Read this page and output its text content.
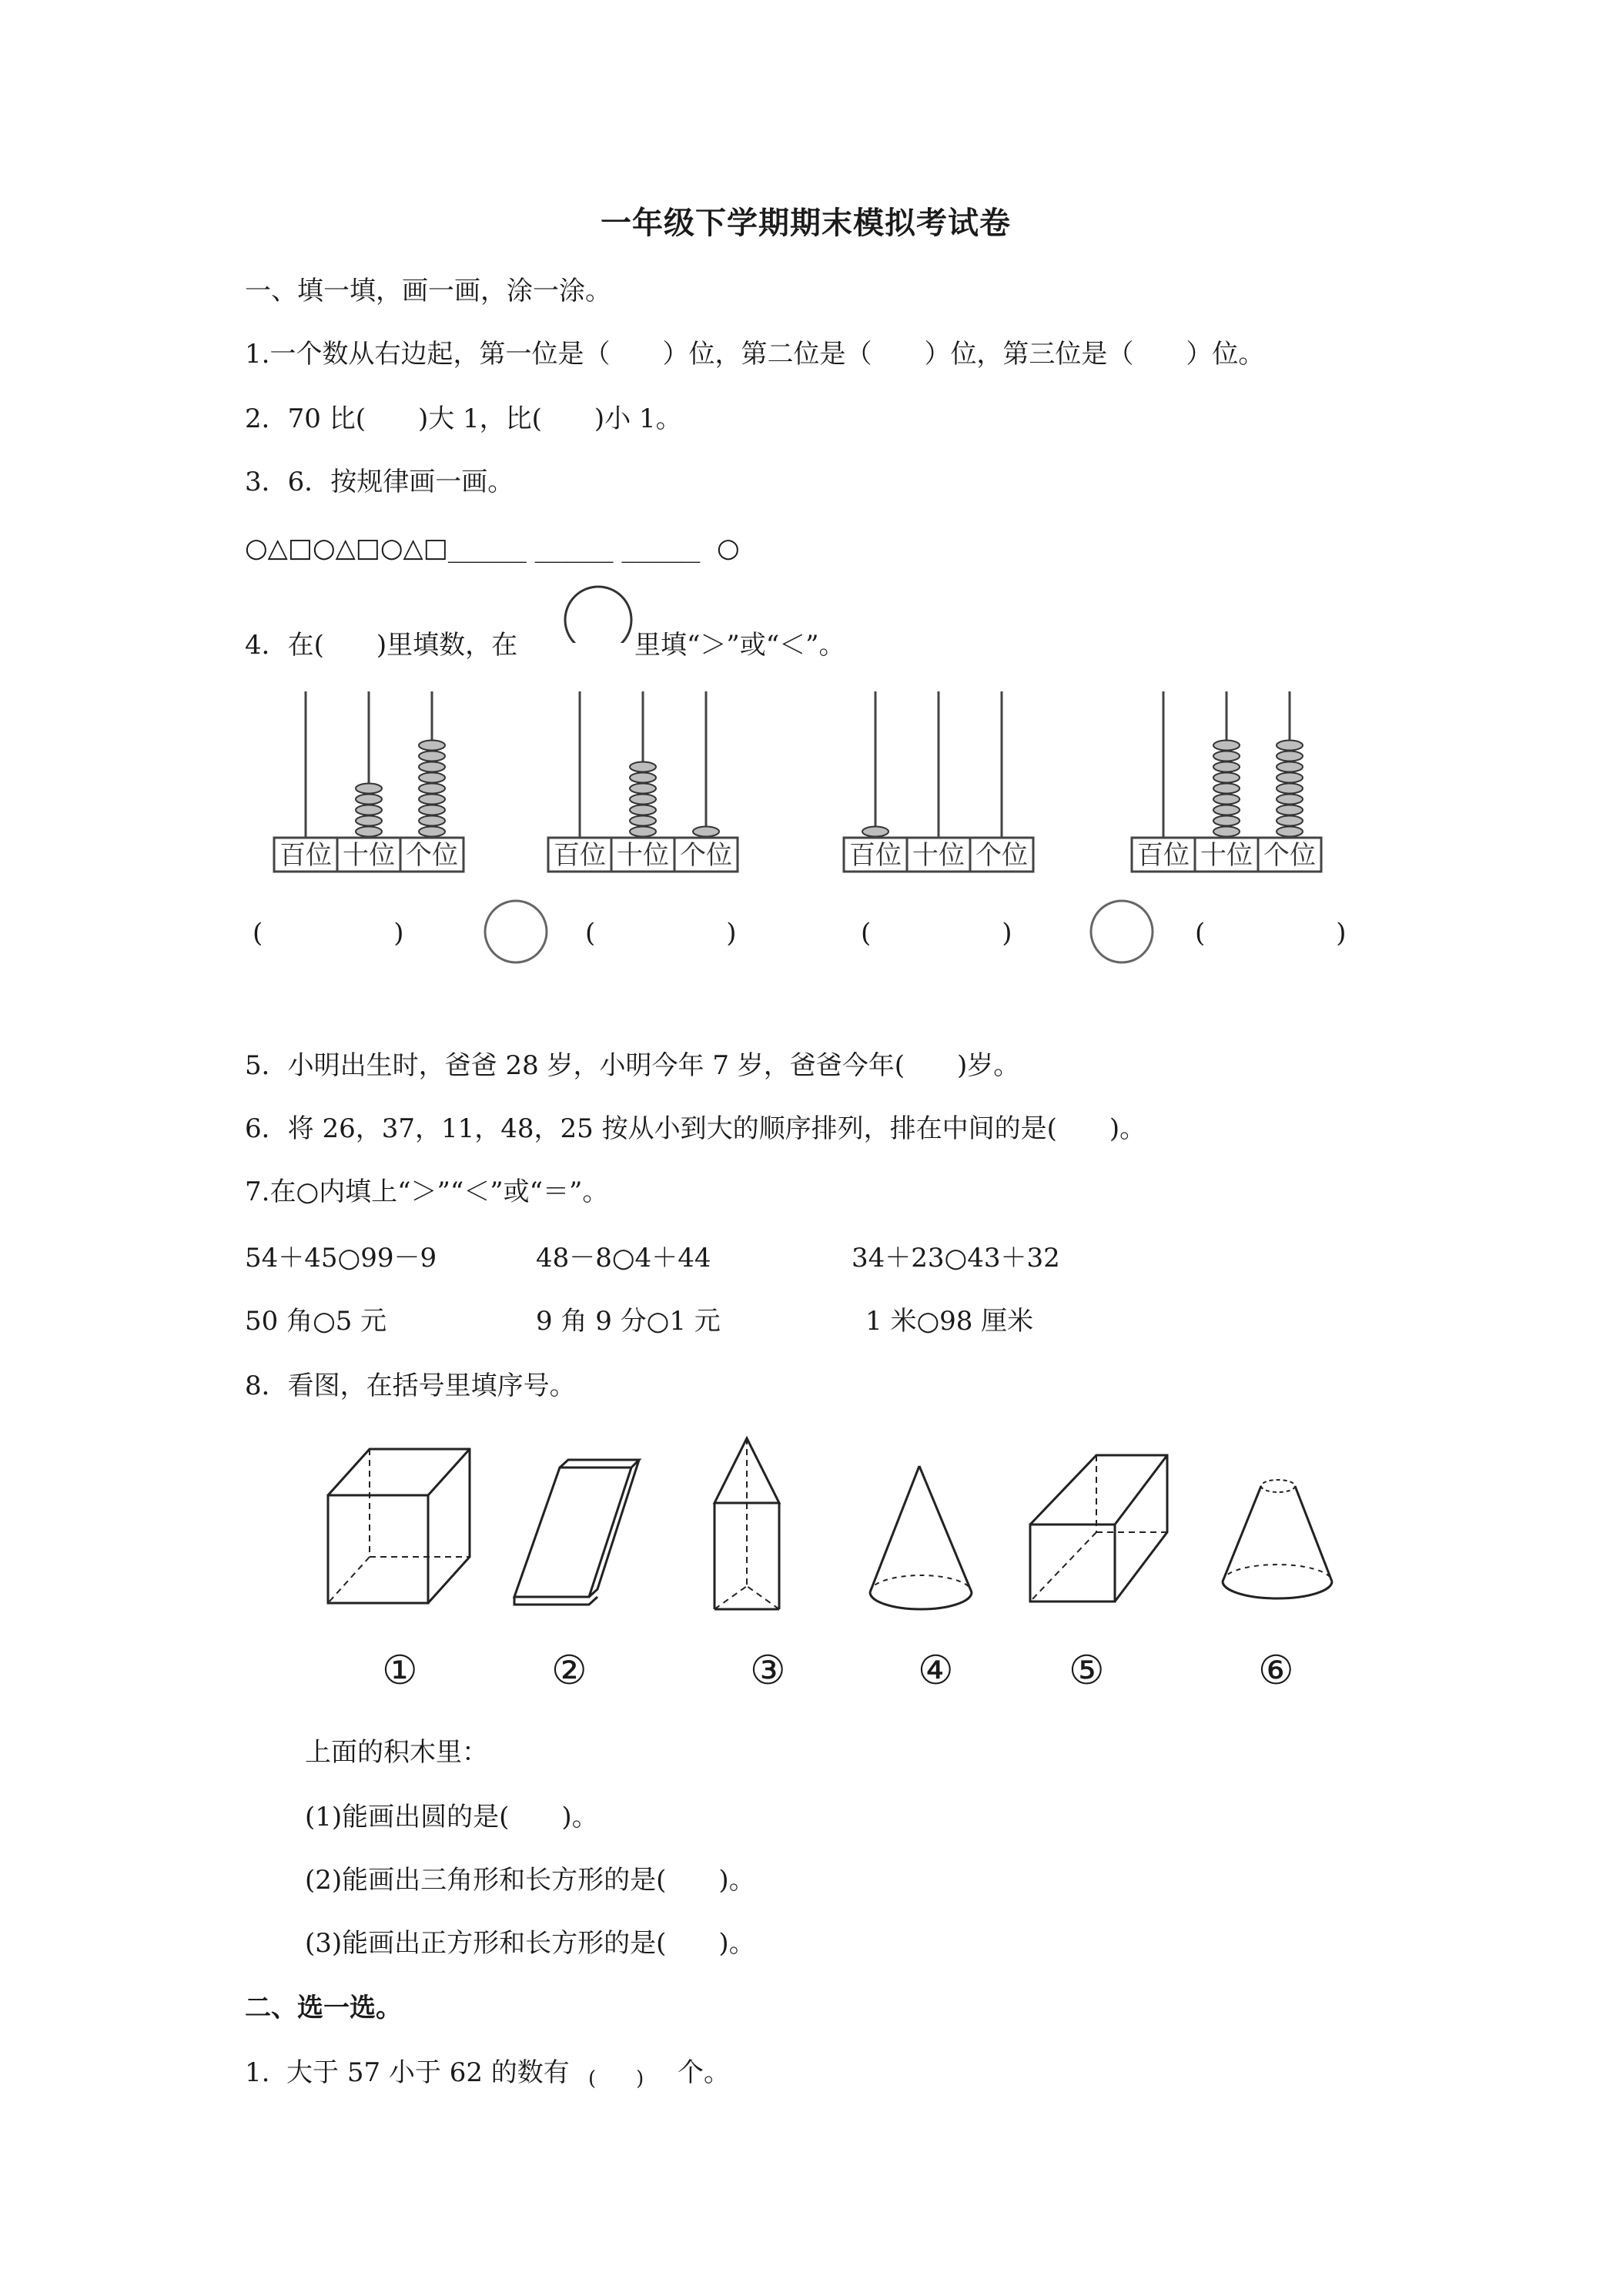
一年级下学期期末模拟考试卷
一、填一填，画一画，涂一涂。
1.一个数从右边起，第一位是（　　）位，第二位是（　　）位，第三位是（　　）位。
2．70 比(　　)大 1，比(　　)小 1。
3．6．按规律画一画。
○△□○△□○△□______ ______ ______  ○
4．在(　　)里填数，在	里填“＞”或“＜”。
百位 十位 个位	百位 十位 个位	百位 十位 个位	百位 十位 个位
(　　　　　)	(　　　　　)	(　　　　　)	(　　　　　)
5．小明出生时，爸爸 28 岁，小明今年 7 岁，爸爸今年(　　)岁。
6．将 26，37，11，48，25 按从小到大的顺序排列，排在中间的是(　　)。
7.在○内填上“＞”“＜”或“＝”。
54＋45○99－9	48－8○4＋44	34＋23○43＋32
50 角○5 元	9 角 9 分○1 元	1 米○98 厘米
8．看图，在括号里填序号。
①	②	③	④	⑤	⑥
上面的积木里：
(1)能画出圆的是(　　)。
(2)能画出三角形和长方形的是(　　)。
(3)能画出正方形和长方形的是(　　)。
二、选一选。
1.  大于 57 小于 62 的数有 (　　) 个。
